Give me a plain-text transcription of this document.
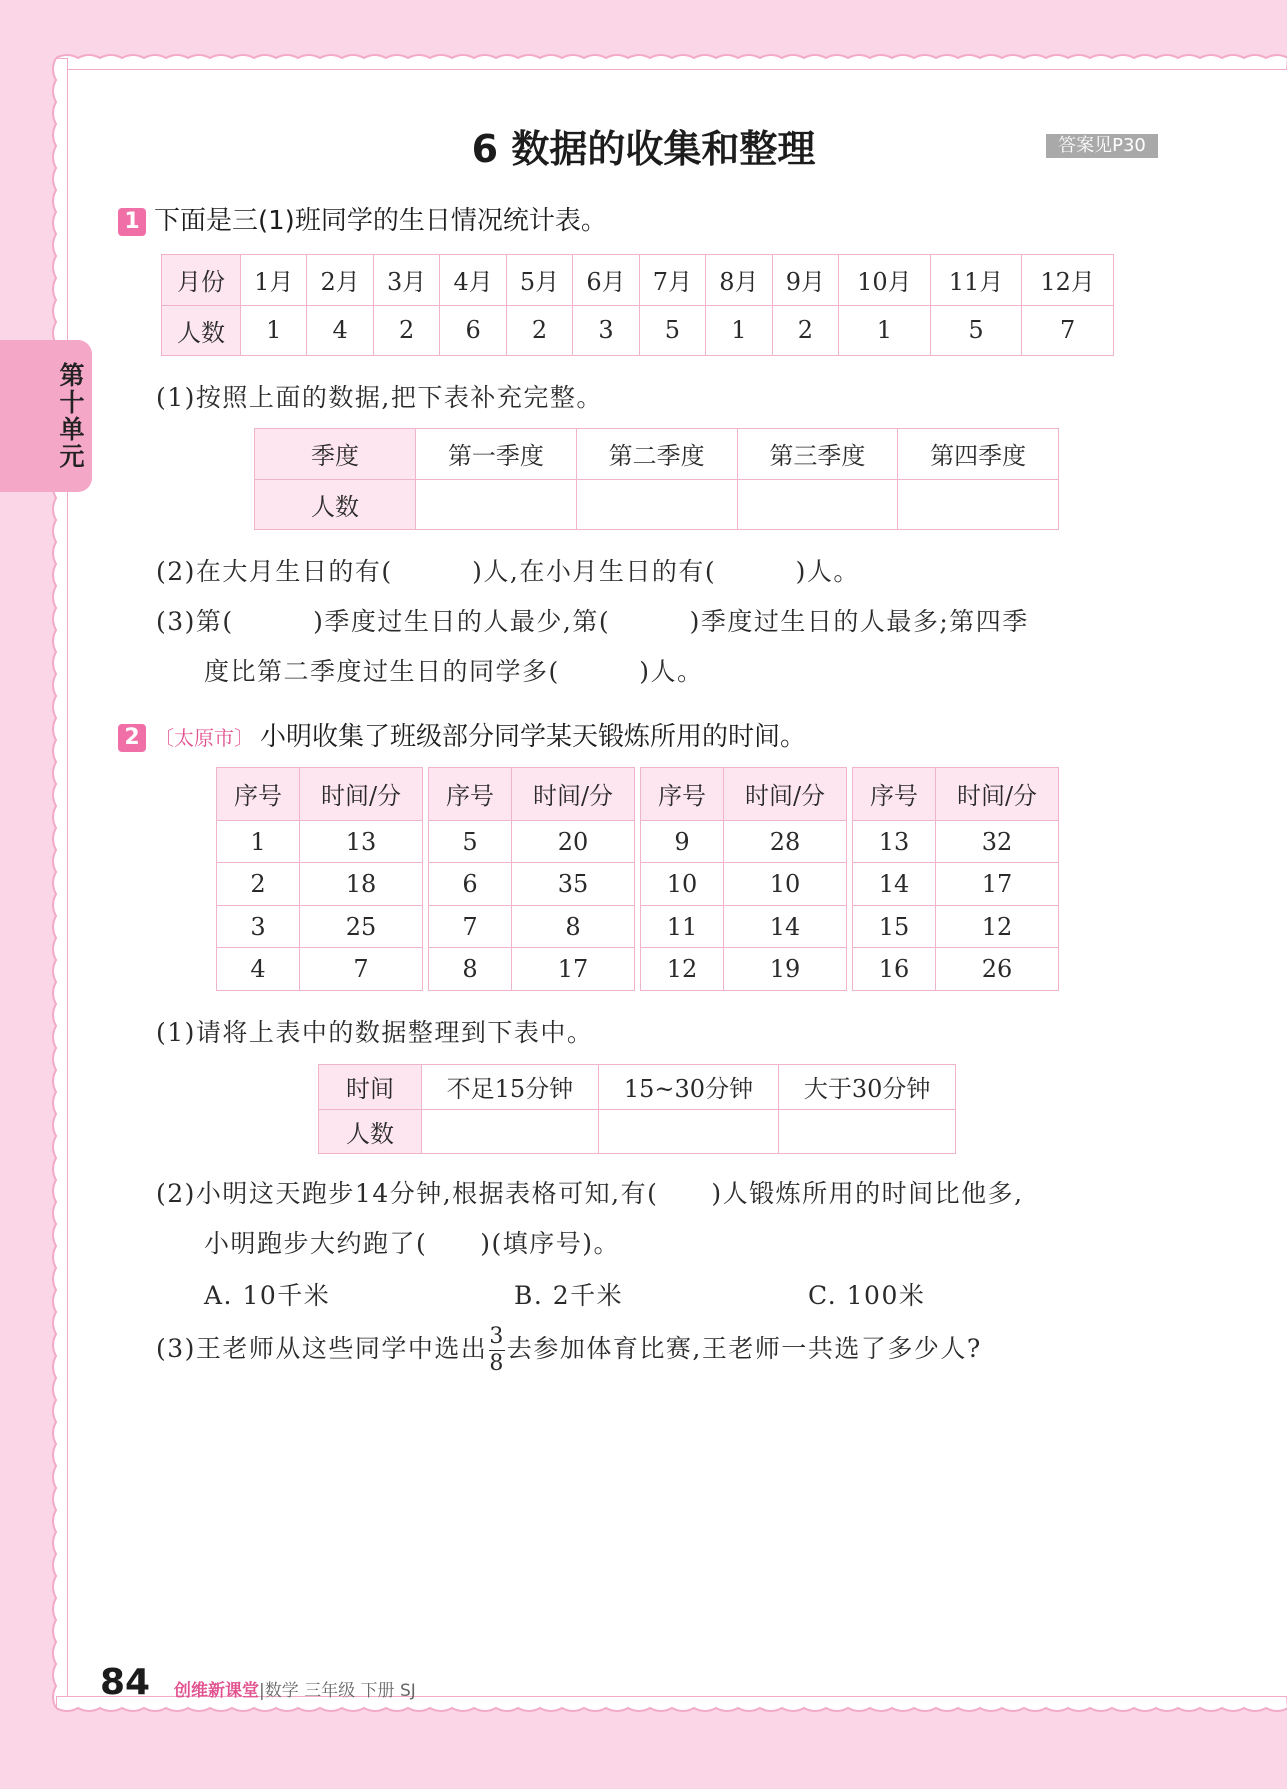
第十单元
6 数据的收集和整理	答案见P30
1 下面是三(1)班同学的生日情况统计表。
月份	1月	2月	3月	4月	5月	6月	7月	8月	9月	10月	11月	12月
人数	1	4	2	6	2	3	5	1	2	1	5	7
(1)按照上面的数据,把下表补充完整。
季度	第一季度	第二季度	第三季度	第四季度
人数				
(2)在大月生日的有(　　　)人,在小月生日的有(　　　)人。
(3)第(　　　)季度过生日的人最少,第(　　　)季度过生日的人最多;第四季
度比第二季度过生日的同学多(　　　)人。
2 〔太原市〕 小明收集了班级部分同学某天锻炼所用的时间。
序号	时间/分
1	13
2	18
3	25
4	7
序号	时间/分
5	20
6	35
7	8
8	17
序号	时间/分
9	28
10	10
11	14
12	19
序号	时间/分
13	32
14	17
15	12
16	26
(1)请将上表中的数据整理到下表中。
时间	不足15分钟	15~30分钟	大于30分钟
人数			
(2)小明这天跑步14分钟,根据表格可知,有(　　)人锻炼所用的时间比他多,
小明跑步大约跑了(　　)(填序号)。
A. 10千米	B. 2千米	C. 100米
(3)王老师从这些同学中选出 $\frac{3}{8}$ 去参加体育比赛,王老师一共选了多少人?
84 创维新课堂|数学 三年级 下册 SJ
